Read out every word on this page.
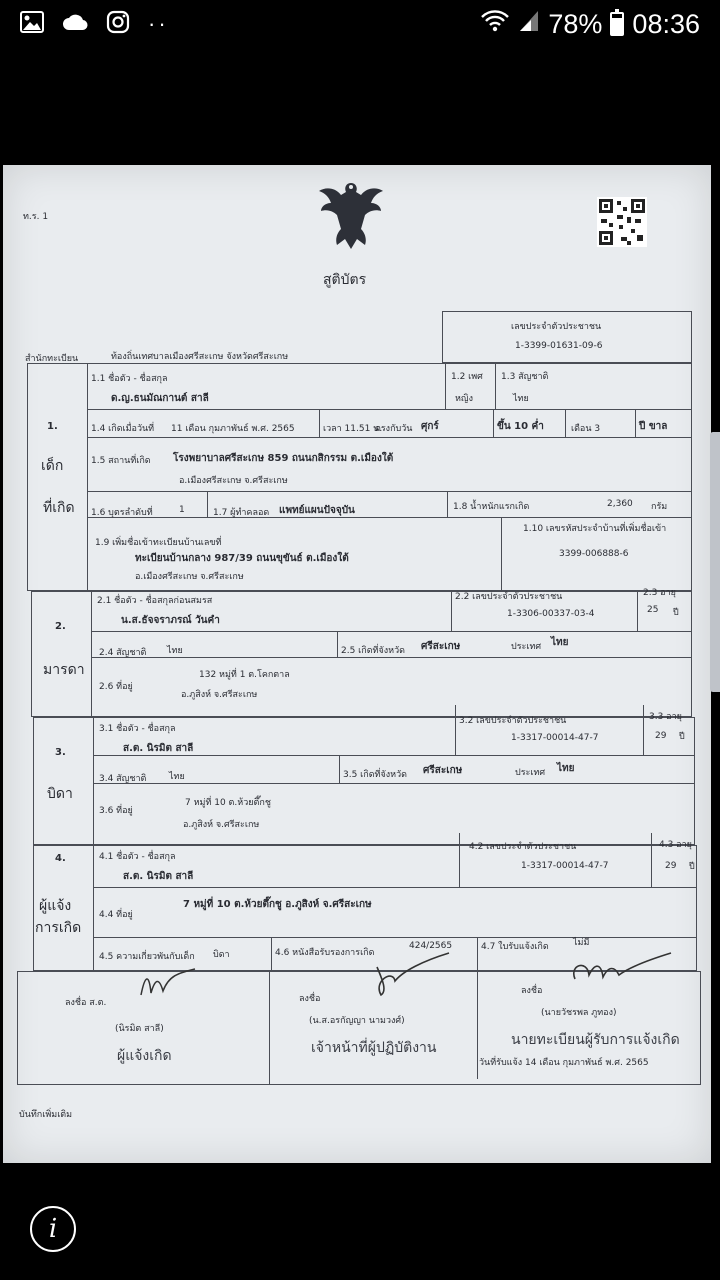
··	78% 08:36
ท.ร. 1
สูติบัตร
เลขประจำตัวประชาชน
1-3399-01631-09-6
สำนักทะเบียน	ท้องถิ่นเทศบาลเมืองศรีสะเกษ จังหวัดศรีสะเกษ
1.
เด็ก
ที่เกิด
1.1 ชื่อตัว - ชื่อสกุล
ด.ญ.ธนมัณกานต์ สาลี
1.2 เพศ
หญิง
1.3 สัญชาติ
ไทย
1.4 เกิดเมื่อวันที่ 11 เดือน กุมภาพันธ์ พ.ศ. 2565	เวลา 11.51 น.
ตรงกับวัน ศุกร์	ขึ้น 10 ค่ำ	เดือน 3	ปี ขาล
1.5 สถานที่เกิด โรงพยาบาลศรีสะเกษ 859 ถนนกสิกรรม ต.เมืองใต้
อ.เมืองศรีสะเกษ จ.ศรีสะเกษ
1.6 บุตรลำดับที่	1	1.7 ผู้ทำคลอด แพทย์แผนปัจจุบัน	1.8 น้ำหนักแรกเกิด	2,360 กรัม
1.9 เพิ่มชื่อเข้าทะเบียนบ้านเลขที่
ทะเบียนบ้านกลาง 987/39 ถนนขุขันธ์ ต.เมืองใต้
อ.เมืองศรีสะเกษ จ.ศรีสะเกษ
1.10 เลขรหัสประจำบ้านที่เพิ่มชื่อเข้า
3399-006888-6
2.
มารดา
2.1 ชื่อตัว - ชื่อสกุลก่อนสมรส
น.ส.ธัจจราภรณ์ วันคำ
2.2 เลขประจำตัวประชาชน
1-3306-00337-03-4
2.3 อายุ
25 ปี
2.4 สัญชาติ ไทย	2.5 เกิดที่จังหวัด ศรีสะเกษ	ประเทศ ไทย
2.6 ที่อยู่
132 หมู่ที่ 1 ต.โคกตาล
อ.ภูสิงห์ จ.ศรีสะเกษ
3.
บิดา
3.1 ชื่อตัว - ชื่อสกุล
ส.ต. นิรมิต สาลี
3.2 เลขประจำตัวประชาชน
1-3317-00014-47-7
3.3 อายุ
29 ปี
3.4 สัญชาติ	ไทย	3.5 เกิดที่จังหวัด ศรีสะเกษ	ประเทศ ไทย
3.6 ที่อยู่
7 หมู่ที่ 10 ต.ห้วยตึ๊กชู
อ.ภูสิงห์ จ.ศรีสะเกษ
4.
ผู้แจ้ง
การเกิด
4.1 ชื่อตัว - ชื่อสกุล
ส.ต. นิรมิต สาลี
4.2 เลขประจำตัวประชาชน
1-3317-00014-47-7
4.3 อายุ
29 ปี
4.4 ที่อยู่
7 หมู่ที่ 10 ต.ห้วยตึ๊กชู อ.ภูสิงห์ จ.ศรีสะเกษ
4.5 ความเกี่ยวพันกับเด็ก บิดา	4.6 หนังสือรับรองการเกิด
424/2565	4.7 ใบรับแจ้งเกิด	ไม่มี
ลงชื่อ ส.ต.
(นิรมิต สาลี)
ผู้แจ้งเกิด
ลงชื่อ
(น.ส.อรกัญญา นามวงศ์)
เจ้าหน้าที่ผู้ปฏิบัติงาน
ลงชื่อ
(นายวัชรพล ภูทอง)
นายทะเบียนผู้รับการแจ้งเกิด
วันที่รับแจ้ง 14 เดือน กุมภาพันธ์ พ.ศ. 2565
บันทึกเพิ่มเติม
i
